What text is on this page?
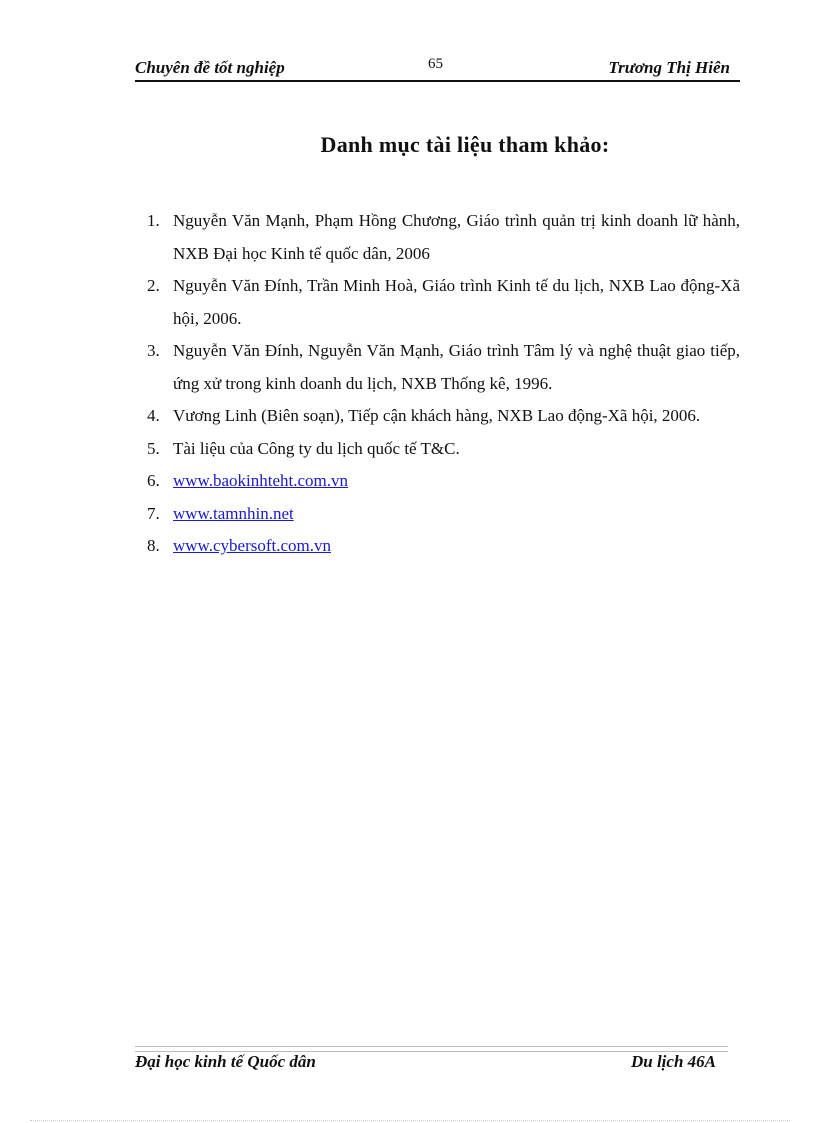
Chuyên đề tốt nghiệp	65	Trương Thị Hiên
Danh mục tài liệu tham khảo:
1. Nguyễn Văn Mạnh, Phạm Hồng Chương, Giáo trình quản trị kinh doanh lữ hành, NXB Đại học Kinh tế quốc dân, 2006
2. Nguyễn Văn Đính, Trần Minh Hoà, Giáo trình Kinh tế du lịch, NXB Lao động-Xã hội, 2006.
3. Nguyễn Văn Đính, Nguyễn Văn Mạnh, Giáo trình Tâm lý và nghệ thuật giao tiếp, ứng xử trong kinh doanh du lịch, NXB Thống kê, 1996.
4. Vương Linh (Biên soạn), Tiếp cận khách hàng, NXB Lao động-Xã hội, 2006.
5. Tài liệu của Công ty du lịch quốc tế T&C.
6. www.baokinhteht.com.vn
7. www.tamnhin.net
8. www.cybersoft.com.vn
Đại học kinh tế Quốc dân	Du lịch 46A
